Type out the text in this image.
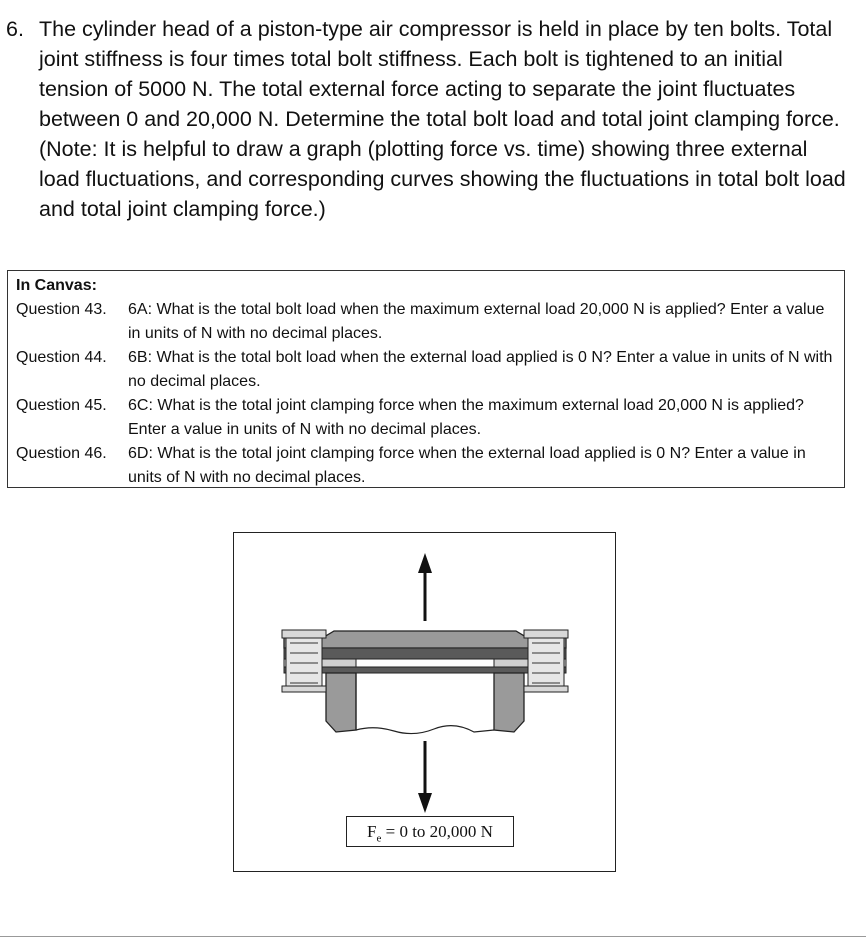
6. The cylinder head of a piston-type air compressor is held in place by ten bolts. Total joint stiffness is four times total bolt stiffness. Each bolt is tightened to an initial tension of 5000 N. The total external force acting to separate the joint fluctuates between 0 and 20,000 N. Determine the total bolt load and total joint clamping force. (Note: It is helpful to draw a graph (plotting force vs. time) showing three external load fluctuations, and corresponding curves showing the fluctuations in total bolt load and total joint clamping force.)
In Canvas:
Question 43.	6A: What is the total bolt load when the maximum external load 20,000 N is applied? Enter a value in units of N with no decimal places.
Question 44.	6B: What is the total bolt load when the external load applied is 0 N? Enter a value in units of N with no decimal places.
Question 45.	6C: What is the total joint clamping force when the maximum external load 20,000 N is applied? Enter a value in units of N with no decimal places.
Question 46.	6D: What is the total joint clamping force when the external load applied is 0 N? Enter a value in units of N with no decimal places.
$F_e = 0$ to 20,000 N
